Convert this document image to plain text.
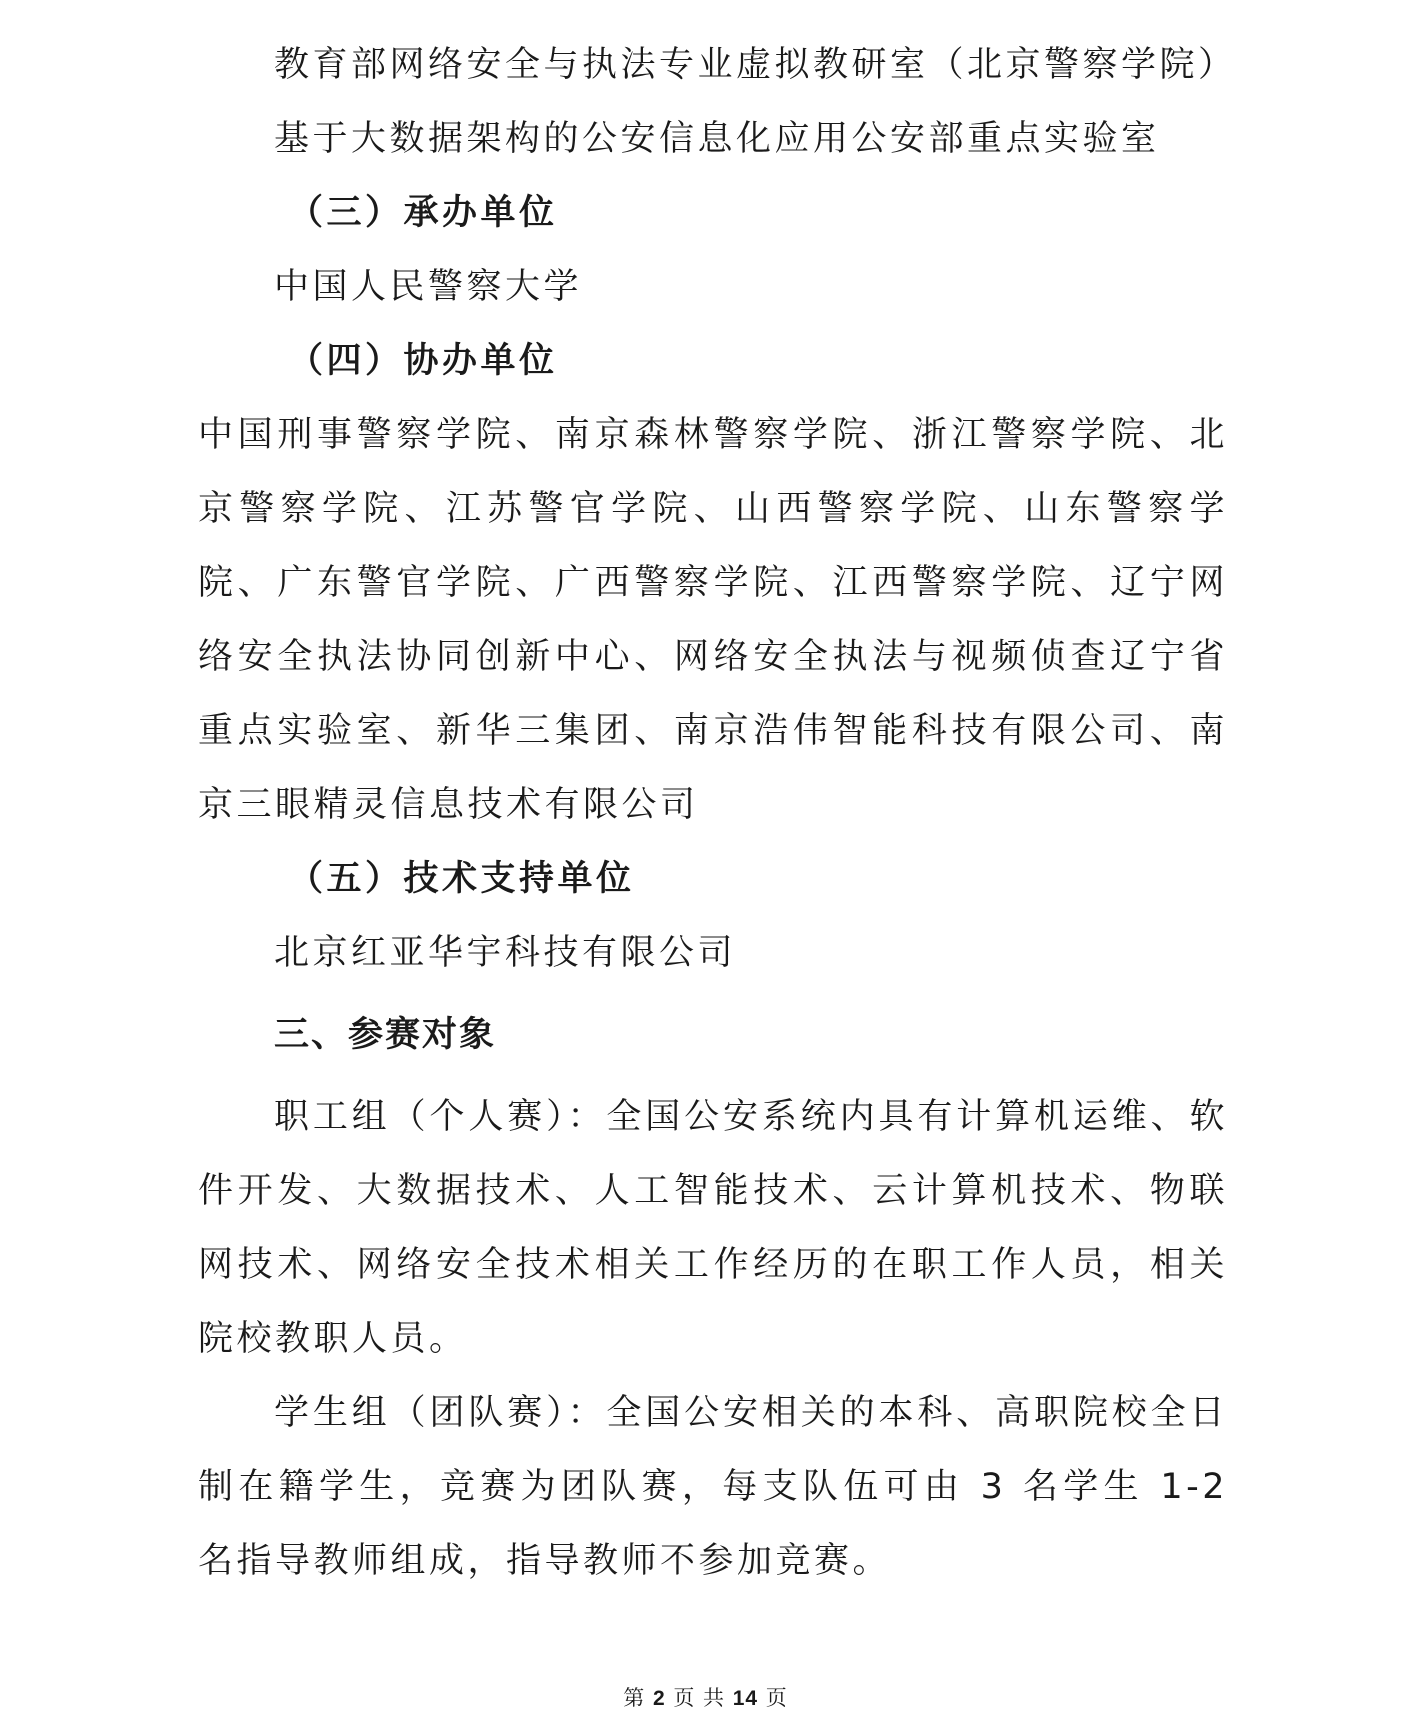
教育部网络安全与执法专业虚拟教研室（北京警察学院）

基于大数据架构的公安信息化应用公安部重点实验室

（三）承办单位

中国人民警察大学

（四）协办单位

中国刑事警察学院、南京森林警察学院、浙江警察学院、北京警察学院、江苏警官学院、山西警察学院、山东警察学院、广东警官学院、广西警察学院、江西警察学院、辽宁网络安全执法协同创新中心、网络安全执法与视频侦查辽宁省重点实验室、新华三集团、南京浩伟智能科技有限公司、南京三眼精灵信息技术有限公司

（五）技术支持单位

北京红亚华宇科技有限公司

三、参赛对象

职工组（个人赛）：全国公安系统内具有计算机运维、软件开发、大数据技术、人工智能技术、云计算机技术、物联网技术、网络安全技术相关工作经历的在职工作人员，相关院校教职人员。

学生组（团队赛）：全国公安相关的本科、高职院校全日制在籍学生，竞赛为团队赛，每支队伍可由 3 名学生 1-2 名指导教师组成，指导教师不参加竞赛。

第 2 页 共 14 页
